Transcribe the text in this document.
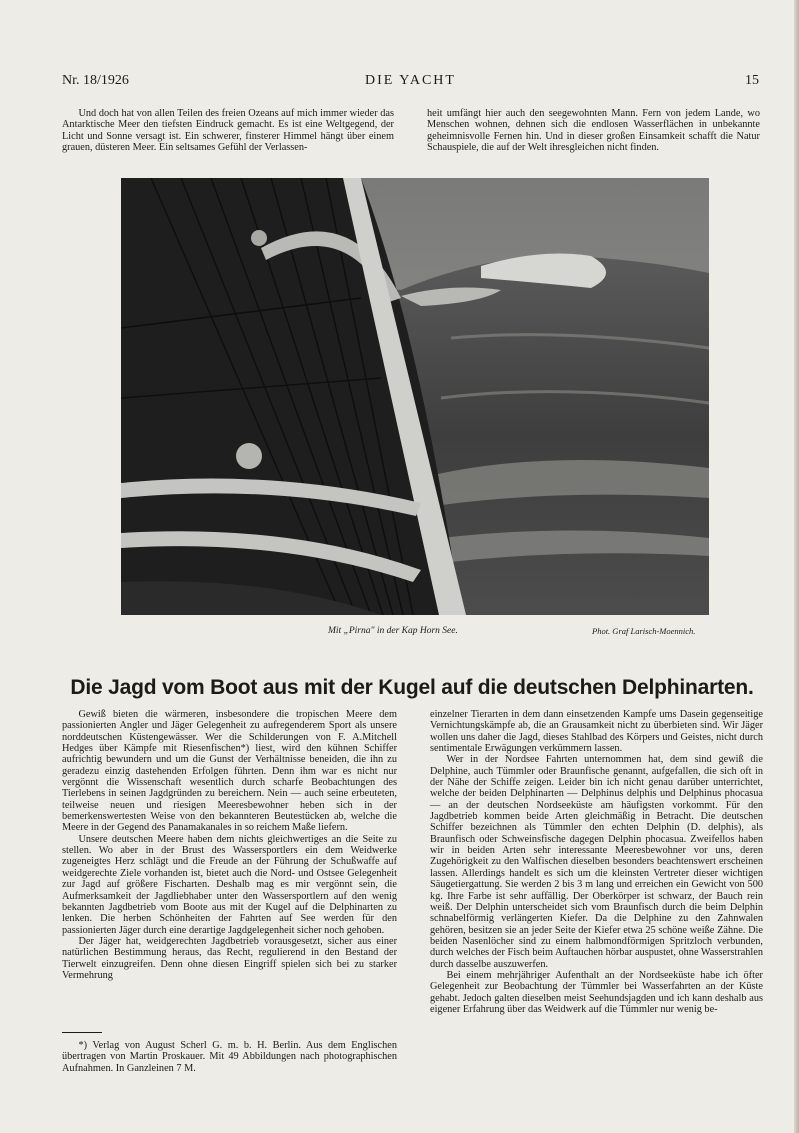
Nr. 18/1926	DIE YACHT	15

Und doch hat von allen Teilen des freien Ozeans auf mich immer wieder das Antarktische Meer den tiefsten Eindruck gemacht. Es ist eine Weltgegend, der Licht und Sonne versagt ist. Ein schwerer, finsterer Himmel hängt über einem grauen, düsteren Meer. Ein seltsames Gefühl der Verlassen-

heit umfängt hier auch den seegewohnten Mann. Fern von jedem Lande, wo Menschen wohnen, dehnen sich die endlosen Wasserflächen in unbekannte geheimnisvolle Fernen hin. Und in dieser großen Einsamkeit schafft die Natur Schauspiele, die auf der Welt ihresgleichen nicht finden.

Mit „Pirna" in der Kap Horn See.	Phot. Graf Larisch-Moennich.
Die Jagd vom Boot aus mit der Kugel auf die deutschen Delphinarten.

Gewiß bieten die wärmeren, insbesondere die tropischen Meere dem passionierten Angler und Jäger Gelegenheit zu aufregenderem Sport als unsere norddeutschen Küstengewässer. Wer die Schilderungen von F. A.Mitchell Hedges über Kämpfe mit Riesenfischen*) liest, wird den kühnen Schiffer aufrichtig bewundern und um die Gunst der Verhältnisse beneiden, die ihn zu geradezu einzig dastehenden Erfolgen führten. Denn ihm war es nicht nur vergönnt die Wissenschaft wesentlich durch scharfe Beobachtungen des Tierlebens in seinen Jagdgründen zu bereichern. Nein — auch seine erbeuteten, teilweise neuen und riesigen Meeresbewohner heben sich in der bemerkenswertesten Weise von den bekannteren Beutestücken ab, welche die Meere in der Gegend des Panamakanales in so reichem Maße liefern.

Unsere deutschen Meere haben dem nichts gleichwertiges an die Seite zu stellen. Wo aber in der Brust des Wassersportlers ein dem Weidwerke zugeneigtes Herz schlägt und die Freude an der Führung der Schußwaffe auf weidgerechte Ziele vorhanden ist, bietet auch die Nord- und Ostsee Gelegenheit zur Jagd auf größere Fischarten. Deshalb mag es mir vergönnt sein, die Aufmerksamkeit der Jagdliebhaber unter den Wassersportlern auf den wenig bekannten Jagdbetrieb vom Boote aus mit der Kugel auf die Delphinarten zu lenken. Die herben Schönheiten der Fahrten auf See werden für den passionierten Jäger durch eine derartige Jagdgelegenheit sicher noch gehoben.

Der Jäger hat, weidgerechten Jagdbetrieb vorausgesetzt, sicher aus einer natürlichen Bestimmung heraus, das Recht, regulierend in den Bestand der Tierwelt einzugreifen. Denn ohne diesen Eingriff spielen sich bei zu starker Vermehrung

einzelner Tierarten in dem dann einsetzenden Kampfe ums Dasein gegenseitige Vernichtungskämpfe ab, die an Grausamkeit nicht zu überbieten sind. Wir Jäger wollen uns daher die Jagd, dieses Stahlbad des Körpers und Geistes, nicht durch sentimentale Erwägungen verkümmern lassen.

Wer in der Nordsee Fahrten unternommen hat, dem sind gewiß die Delphine, auch Tümmler oder Braunfische genannt, aufgefallen, die sich oft in der Nähe der Schiffe zeigen. Leider bin ich nicht genau darüber unterrichtet, welche der beiden Delphinarten — Delphinus delphis und Delphinus phocasua — an der deutschen Nordseeküste am häufigsten vorkommt. Für den Jagdbetrieb kommen beide Arten gleichmäßig in Betracht. Die deutschen Schiffer bezeichnen als Tümmler den echten Delphin (D. delphis), als Braunfisch oder Schweinsfische dagegen Delphin phocasua. Zweifellos haben wir in beiden Arten sehr interessante Meeresbewohner vor uns, deren Zugehörigkeit zu den Walfischen dieselben besonders beachtenswert erscheinen lassen. Allerdings handelt es sich um die kleinsten Vertreter dieser wichtigen Säugetiergattung. Sie werden 2 bis 3 m lang und erreichen ein Gewicht von 500 kg. Ihre Farbe ist sehr auffällig. Der Oberkörper ist schwarz, der Bauch rein weiß. Der Delphin unterscheidet sich vom Braunfisch durch die beim Delphin schnabelförmig verlängerten Kiefer. Da die Delphine zu den Zahnwalen gehören, besitzen sie an jeder Seite der Kiefer etwa 25 schöne weiße Zähne. Die beiden Nasenlöcher sind zu einem halbmondförmigen Spritzloch verbunden, durch welches der Fisch beim Auftauchen hörbar auspustet, ohne Wasserstrahlen durch dasselbe auszuwerfen.

Bei einem mehrjähriger Aufenthalt an der Nordseeküste habe ich öfter Gelegenheit zur Beobachtung der Tümmler bei Wasserfahrten an der Küste gehabt. Jedoch galten dieselben meist Seehundsjagden und ich kann deshalb aus eigener Erfahrung über das Weidwerk auf die Tümmler nur wenig be-

*) Verlag von August Scherl G. m. b. H. Berlin. Aus dem Englischen übertragen von Martin Proskauer. Mit 49 Abbildungen nach photographischen Aufnahmen. In Ganzleinen 7 M.
